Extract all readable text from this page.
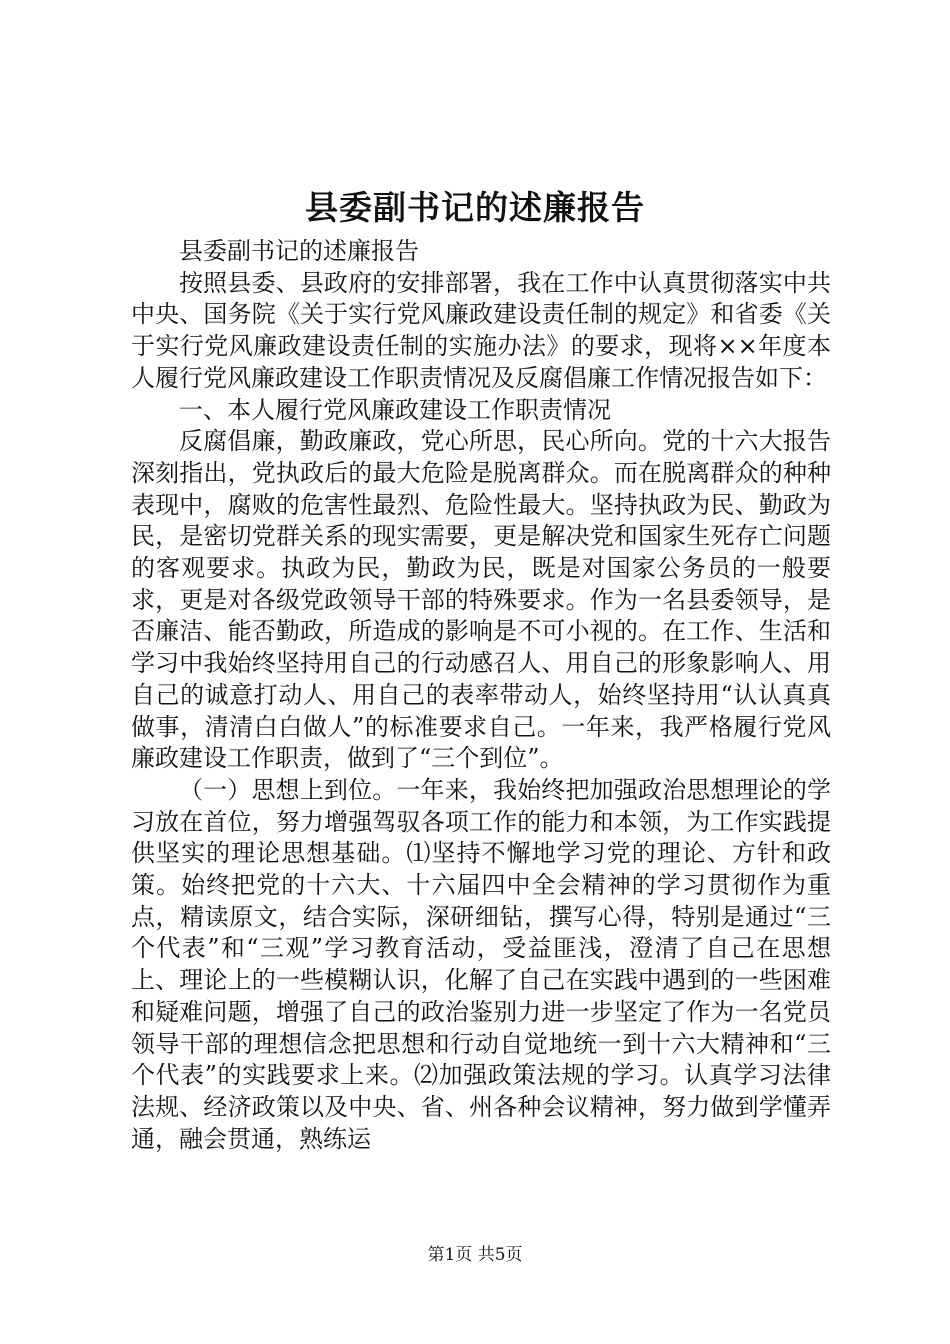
县委副书记的述廉报告

县委副书记的述廉报告

按照县委、县政府的安排部署，我在工作中认真贯彻落实中共中央、国务院《关于实行党风廉政建设责任制的规定》和省委《关于实行党风廉政建设责任制的实施办法》的要求，现将××年度本人履行党风廉政建设工作职责情况及反腐倡廉工作情况报告如下：

一、本人履行党风廉政建设工作职责情况

反腐倡廉，勤政廉政，党心所思，民心所向。党的十六大报告深刻指出，党执政后的最大危险是脱离群众。而在脱离群众的种种表现中，腐败的危害性最烈、危险性最大。坚持执政为民、勤政为民，是密切党群关系的现实需要，更是解决党和国家生死存亡问题的客观要求。执政为民，勤政为民，既是对国家公务员的一般要求，更是对各级党政领导干部的特殊要求。作为一名县委领导，是否廉洁、能否勤政，所造成的影响是不可小视的。在工作、生活和学习中我始终坚持用自己的行动感召人、用自己的形象影响人、用自己的诚意打动人、用自己的表率带动人，始终坚持用“认认真真做事，清清白白做人”的标准要求自己。一年来，我严格履行党风廉政建设工作职责，做到了“三个到位”。

（一）思想上到位。一年来，我始终把加强政治思想理论的学习放在首位，努力增强驾驭各项工作的能力和本领，为工作实践提供坚实的理论思想基础。⑴坚持不懈地学习党的理论、方针和政策。始终把党的十六大、十六届四中全会精神的学习贯彻作为重点，精读原文，结合实际，深研细钻，撰写心得，特别是通过“三个代表”和“三观”学习教育活动，受益匪浅，澄清了自己在思想上、理论上的一些模糊认识，化解了自己在实践中遇到的一些困难和疑难问题，增强了自己的政治鉴别力进一步坚定了作为一名党员领导干部的理想信念把思想和行动自觉地统一到十六大精神和“三个代表”的实践要求上来。⑵加强政策法规的学习。认真学习法律法规、经济政策以及中央、省、州各种会议精神，努力做到学懂弄通，融会贯通，熟练运

第1页 共5页
